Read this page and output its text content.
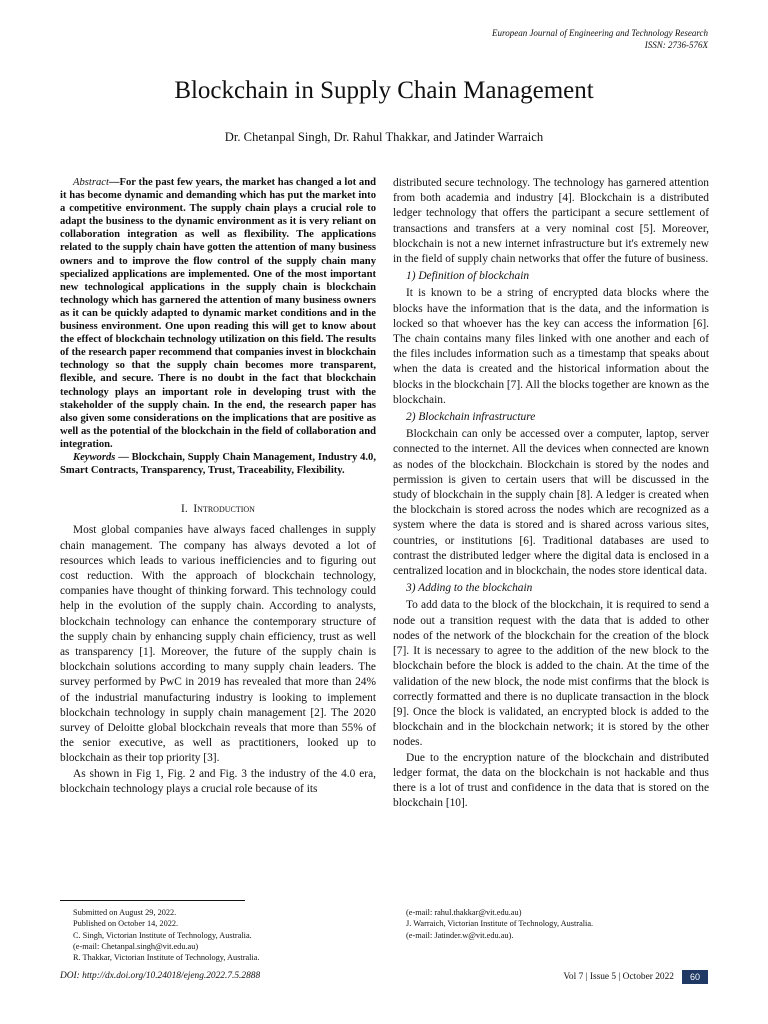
European Journal of Engineering and Technology Research
ISSN: 2736-576X
Blockchain in Supply Chain Management
Dr. Chetanpal Singh, Dr. Rahul Thakkar, and Jatinder Warraich

Abstract—For the past few years, the market has changed a lot and it has become dynamic and demanding which has put the market into a competitive environment. The supply chain plays a crucial role to adapt the business to the dynamic environment as it is very reliant on collaboration integration as well as flexibility. The applications related to the supply chain have gotten the attention of many business owners and to improve the flow control of the supply chain many specialized applications are implemented. One of the most important new technological applications in the supply chain is blockchain technology which has garnered the attention of many business owners as it can be quickly adapted to dynamic market conditions and in the business environment. One upon reading this will get to know about the effect of blockchain technology utilization on this field. The results of the research paper recommend that companies invest in blockchain technology so that the supply chain becomes more transparent, flexible, and secure. There is no doubt in the fact that blockchain technology plays an important role in developing trust with the stakeholder of the supply chain. In the end, the research paper has also given some considerations on the implications that are positive as well as the potential of the blockchain in the field of collaboration and integration.

Keywords — Blockchain, Supply Chain Management, Industry 4.0, Smart Contracts, Transparency, Trust, Traceability, Flexibility.

I. Introduction

Most global companies have always faced challenges in supply chain management. The company has always devoted a lot of resources which leads to various inefficiencies and to figuring out cost reduction. With the approach of blockchain technology, companies have thought of thinking forward. This technology could help in the evolution of the supply chain. According to analysts, blockchain technology can enhance the contemporary structure of the supply chain by enhancing supply chain efficiency, trust as well as transparency [1]. Moreover, the future of the supply chain is blockchain solutions according to many supply chain leaders. The survey performed by PwC in 2019 has revealed that more than 24% of the industrial manufacturing industry is looking to implement blockchain technology in supply chain management [2]. The 2020 survey of Deloitte global blockchain reveals that more than 55% of the senior executive, as well as practitioners, looked up to blockchain as their top priority [3].

As shown in Fig 1, Fig. 2 and Fig. 3 the industry of the 4.0 era, blockchain technology plays a crucial role because of its

distributed secure technology. The technology has garnered attention from both academia and industry [4]. Blockchain is a distributed ledger technology that offers the participant a secure settlement of transactions and transfers at a very nominal cost [5]. Moreover, blockchain is not a new internet infrastructure but it's extremely new in the field of supply chain networks that offer the future of business.

1) Definition of blockchain

It is known to be a string of encrypted data blocks where the blocks have the information that is the data, and the information is locked so that whoever has the key can access the information [6]. The chain contains many files linked with one another and each of the files includes information such as a timestamp that speaks about when the data is created and the historical information about the blocks in the blockchain [7]. All the blocks together are known as the blockchain.

2) Blockchain infrastructure

Blockchain can only be accessed over a computer, laptop, server connected to the internet. All the devices when connected are known as nodes of the blockchain. Blockchain is stored by the nodes and permission is given to certain users that will be discussed in the study of blockchain in the supply chain [8]. A ledger is created when the blockchain is stored across the nodes which are recognized as a system where the data is stored and is shared across various sites, countries, or institutions [6]. Traditional databases are used to contrast the distributed ledger where the digital data is enclosed in a centralized location and in blockchain, the nodes store identical data.

3) Adding to the blockchain

To add data to the block of the blockchain, it is required to send a node out a transition request with the data that is added to other nodes of the network of the blockchain for the creation of the block [7]. It is necessary to agree to the addition of the new block to the blockchain before the block is added to the chain. At the time of the validation of the new block, the node mist confirms that the block is correctly formatted and there is no duplicate transaction in the block [9]. Once the block is validated, an encrypted block is added to the blockchain and in the blockchain network; it is stored by the other nodes.

Due to the encryption nature of the blockchain and distributed ledger format, the data on the blockchain is not hackable and thus there is a lot of trust and confidence in the data that is stored on the blockchain [10].

Submitted on August 29, 2022.
Published on October 14, 2022.
C. Singh, Victorian Institute of Technology, Australia.
(e-mail: Chetanpal.singh@vit.edu.au)
R. Thakkar, Victorian Institute of Technology, Australia.
(e-mail: rahul.thakkar@vit.edu.au)
J. Warraich, Victorian Institute of Technology, Australia.
(e-mail: Jatinder.w@vit.edu.au).
DOI: http://dx.doi.org/10.24018/ejeng.2022.7.5.2888	Vol 7 | Issue 5 | October 2022	60
